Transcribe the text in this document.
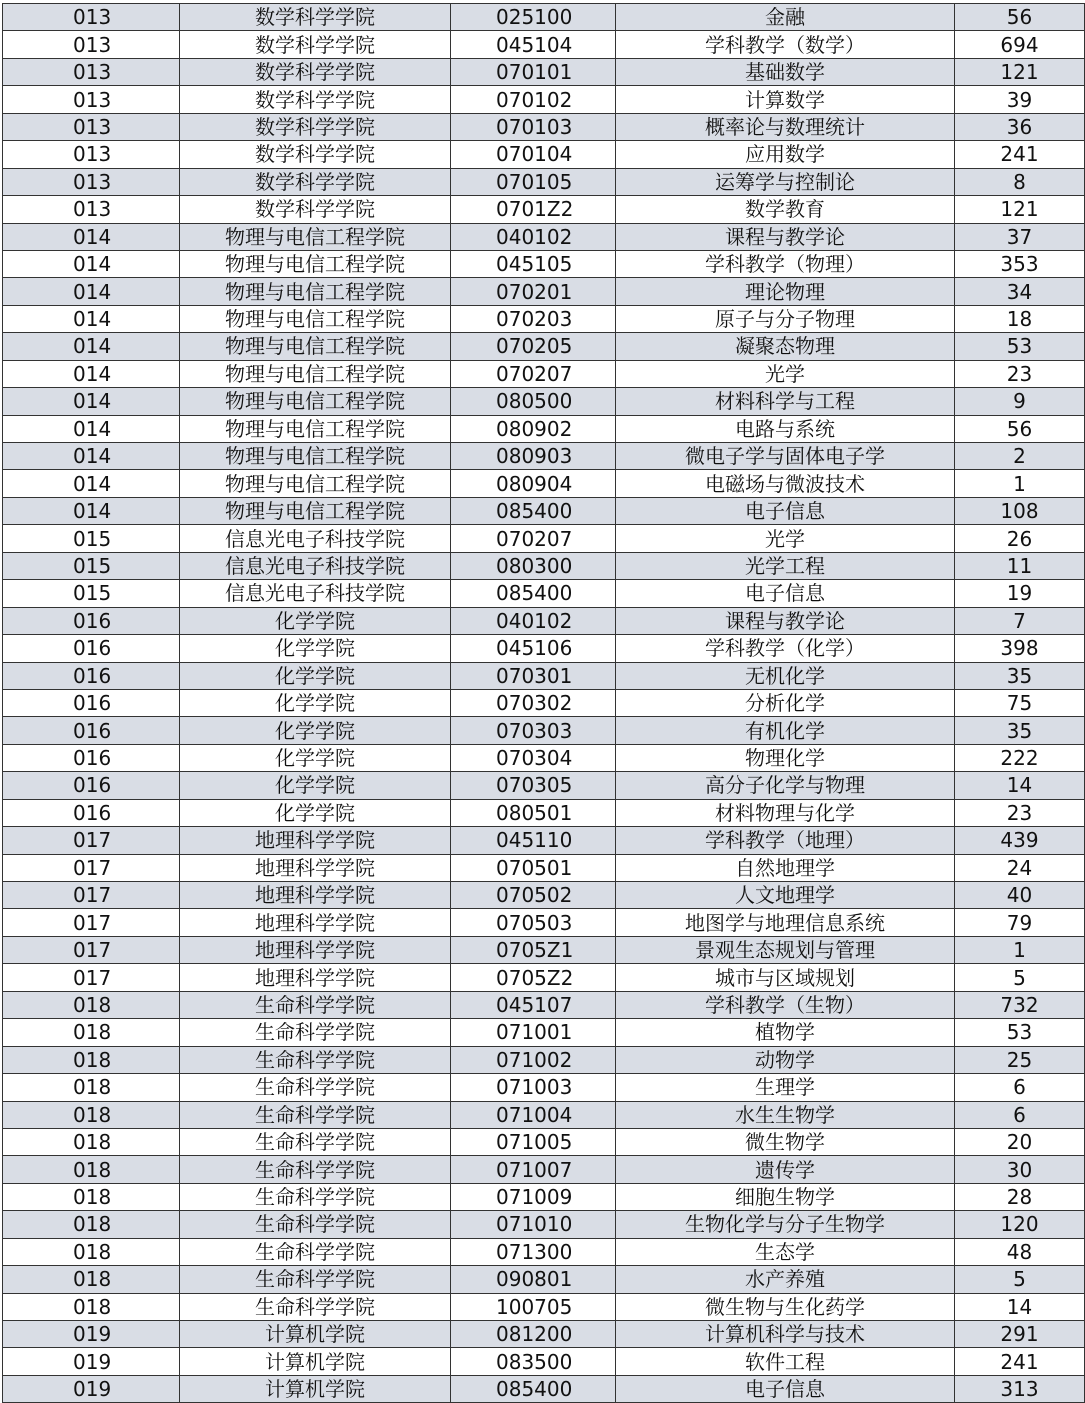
013	数学科学学院	025100	金融	56
013	数学科学学院	045104	学科教学（数学）	694
013	数学科学学院	070101	基础数学	121
013	数学科学学院	070102	计算数学	39
013	数学科学学院	070103	概率论与数理统计	36
013	数学科学学院	070104	应用数学	241
013	数学科学学院	070105	运筹学与控制论	8
013	数学科学学院	0701Z2	数学教育	121
014	物理与电信工程学院	040102	课程与教学论	37
014	物理与电信工程学院	045105	学科教学（物理）	353
014	物理与电信工程学院	070201	理论物理	34
014	物理与电信工程学院	070203	原子与分子物理	18
014	物理与电信工程学院	070205	凝聚态物理	53
014	物理与电信工程学院	070207	光学	23
014	物理与电信工程学院	080500	材料科学与工程	9
014	物理与电信工程学院	080902	电路与系统	56
014	物理与电信工程学院	080903	微电子学与固体电子学	2
014	物理与电信工程学院	080904	电磁场与微波技术	1
014	物理与电信工程学院	085400	电子信息	108
015	信息光电子科技学院	070207	光学	26
015	信息光电子科技学院	080300	光学工程	11
015	信息光电子科技学院	085400	电子信息	19
016	化学学院	040102	课程与教学论	7
016	化学学院	045106	学科教学（化学）	398
016	化学学院	070301	无机化学	35
016	化学学院	070302	分析化学	75
016	化学学院	070303	有机化学	35
016	化学学院	070304	物理化学	222
016	化学学院	070305	高分子化学与物理	14
016	化学学院	080501	材料物理与化学	23
017	地理科学学院	045110	学科教学（地理）	439
017	地理科学学院	070501	自然地理学	24
017	地理科学学院	070502	人文地理学	40
017	地理科学学院	070503	地图学与地理信息系统	79
017	地理科学学院	0705Z1	景观生态规划与管理	1
017	地理科学学院	0705Z2	城市与区域规划	5
018	生命科学学院	045107	学科教学（生物）	732
018	生命科学学院	071001	植物学	53
018	生命科学学院	071002	动物学	25
018	生命科学学院	071003	生理学	6
018	生命科学学院	071004	水生生物学	6
018	生命科学学院	071005	微生物学	20
018	生命科学学院	071007	遗传学	30
018	生命科学学院	071009	细胞生物学	28
018	生命科学学院	071010	生物化学与分子生物学	120
018	生命科学学院	071300	生态学	48
018	生命科学学院	090801	水产养殖	5
018	生命科学学院	100705	微生物与生化药学	14
019	计算机学院	081200	计算机科学与技术	291
019	计算机学院	083500	软件工程	241
019	计算机学院	085400	电子信息	313
